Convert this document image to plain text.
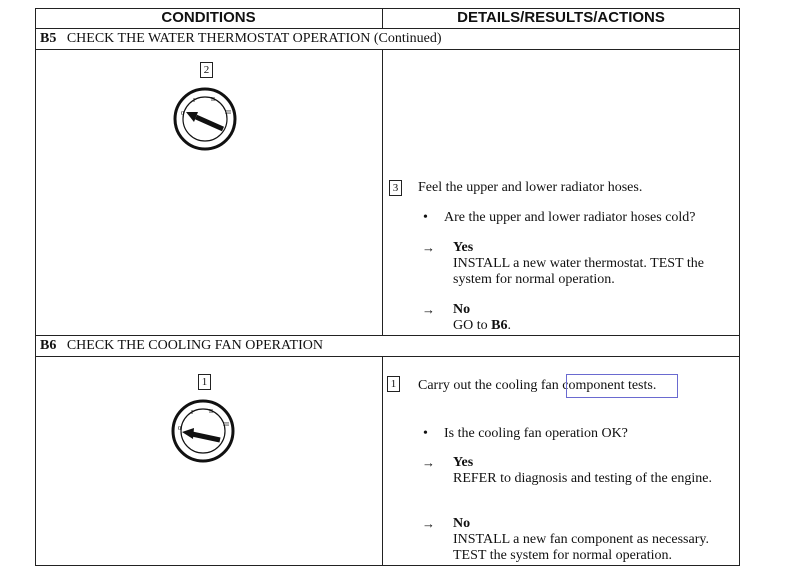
CONDITIONS	DETAILS/RESULTS/ACTIONS
B5 CHECK THE WATER THERMOSTAT OPERATION (Continued)
2
0
I	II
III
3 Feel the upper and lower radiator hoses.
• Are the upper and lower radiator hoses cold?
→ Yes
INSTALL a new water thermostat. TEST the
system for normal operation.
→ No
GO to B6.
B6 CHECK THE COOLING FAN OPERATION
1
0
I	II
III
1 Carry out the cooling fan component tests.
• Is the cooling fan operation OK?
→ Yes
REFER to diagnosis and testing of the engine.
→ No
INSTALL a new fan component as necessary.
TEST the system for normal operation.
